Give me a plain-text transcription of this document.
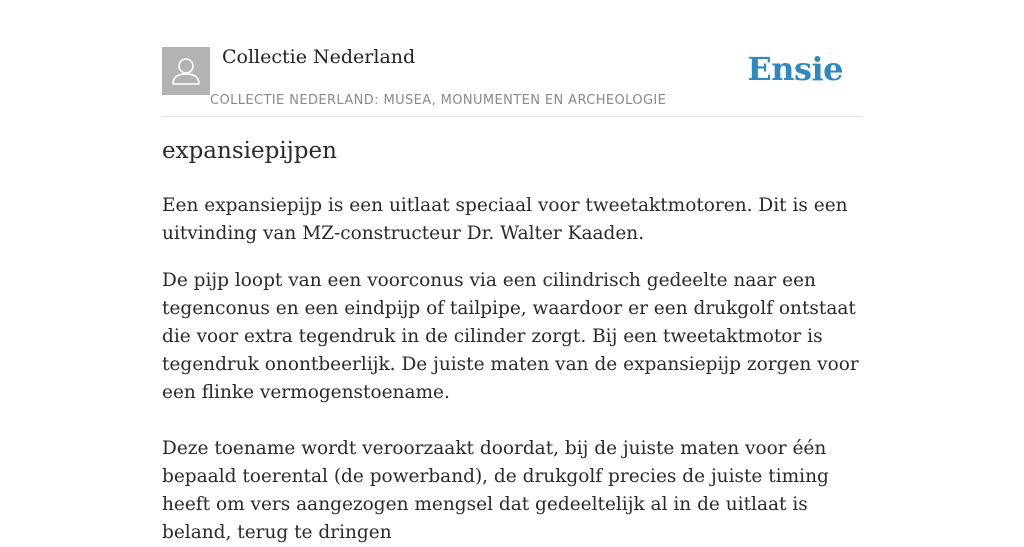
Collectie Nederland
COLLECTIE NEDERLAND: MUSEA, MONUMENTEN EN ARCHEOLOGIE
Ensie
expansiepijpen

Een expansiepijp is een uitlaat speciaal voor tweetaktmotoren. Dit is een uitvinding van MZ-constructeur Dr. Walter Kaaden.

De pijp loopt van een voorconus via een cilindrisch gedeelte naar een tegenconus en een eindpijp of tailpipe, waardoor er een drukgolf ontstaat die voor extra tegendruk in de cilinder zorgt. Bij een tweetaktmotor is tegendruk onontbeerlijk. De juiste maten van de expansiepijp zorgen voor een flinke vermogenstoename.

Deze toename wordt veroorzaakt doordat, bij de juiste maten voor één bepaald toerental (de powerband), de drukgolf precies de juiste timing heeft om vers aangezogen mengsel dat gedeeltelijk al in de uitlaat is beland, terug te dringen
